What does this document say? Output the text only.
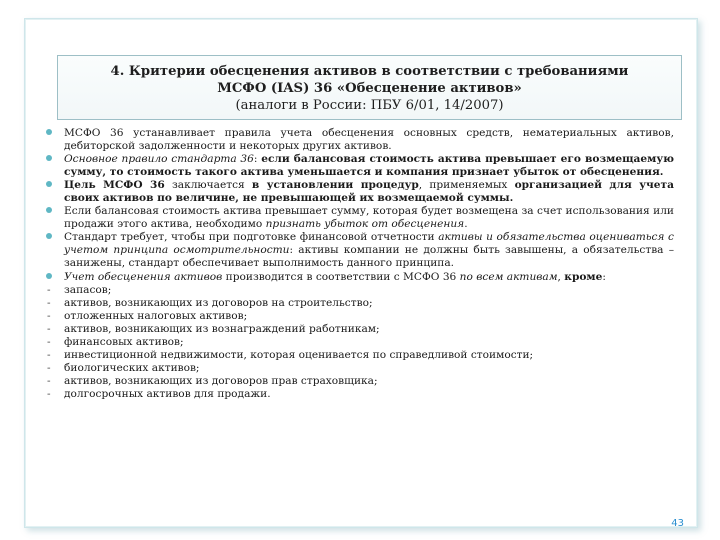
4. Критерии обесценения активов в соответствии с требованиями
МСФО (IAS) 36 «Обесценение активов»
(аналоги в России: ПБУ 6/01, 14/2007)
МСФО 36 устанавливает правила учета обесценения основных средств, нематериальных активов, дебиторской задолженности и некоторых других активов.
Основное правило стандарта 36: если балансовая стоимость актива превышает его возмещаемую сумму, то стоимость такого актива уменьшается и компания признает убыток от обесценения.
Цель МСФО 36 заключается в установлении процедур, применяемых организацией для учета своих активов по величине, не превышающей их возмещаемой суммы.
Если балансовая стоимость актива превышает сумму, которая будет возмещена за счет использования или продажи этого актива, необходимо признать убыток от обесценения.
Стандарт требует, чтобы при подготовке финансовой отчетности активы и обязательства оцениваться с учетом принципа осмотрительности: активы компании не должны быть завышены, а обязательства – занижены, стандарт обеспечивает выполнимость данного принципа.
Учет обесценения активов производится в соответствии с МСФО 36 по всем активам, кроме:
-	запасов;
-	активов, возникающих из договоров на строительство;
-	отложенных налоговых активов;
-	активов, возникающих из вознаграждений работникам;
-	финансовых активов;
-	инвестиционной недвижимости, которая оценивается по справедливой стоимости;
-	биологических активов;
-	активов, возникающих из договоров прав страховщика;
-	долгосрочных активов для продажи.
43
